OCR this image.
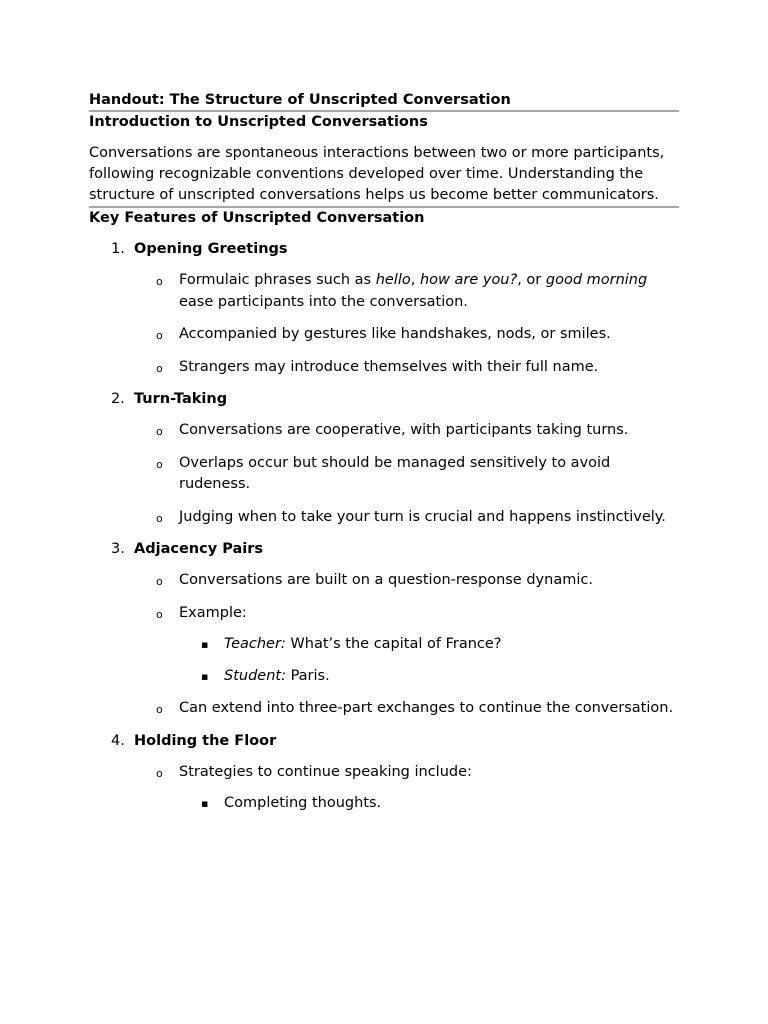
Handout: The Structure of Unscripted Conversation
Introduction to Unscripted Conversations

Conversations are spontaneous interactions between two or more participants, following recognizable conventions developed over time. Understanding the structure of unscripted conversations helps us become better communicators.

Key Features of Unscripted Conversation
1. Opening Greetings
o Formulaic phrases such as hello, how are you?, or good morning ease participants into the conversation.
o Accompanied by gestures like handshakes, nods, or smiles.
o Strangers may introduce themselves with their full name.
2. Turn-Taking
o Conversations are cooperative, with participants taking turns.
o Overlaps occur but should be managed sensitively to avoid rudeness.
o Judging when to take your turn is crucial and happens instinctively.
3. Adjacency Pairs
o Conversations are built on a question-response dynamic.
o Example:
▪ Teacher: What’s the capital of France?
▪ Student: Paris.
o Can extend into three-part exchanges to continue the conversation.
4. Holding the Floor
o Strategies to continue speaking include:
▪ Completing thoughts.
